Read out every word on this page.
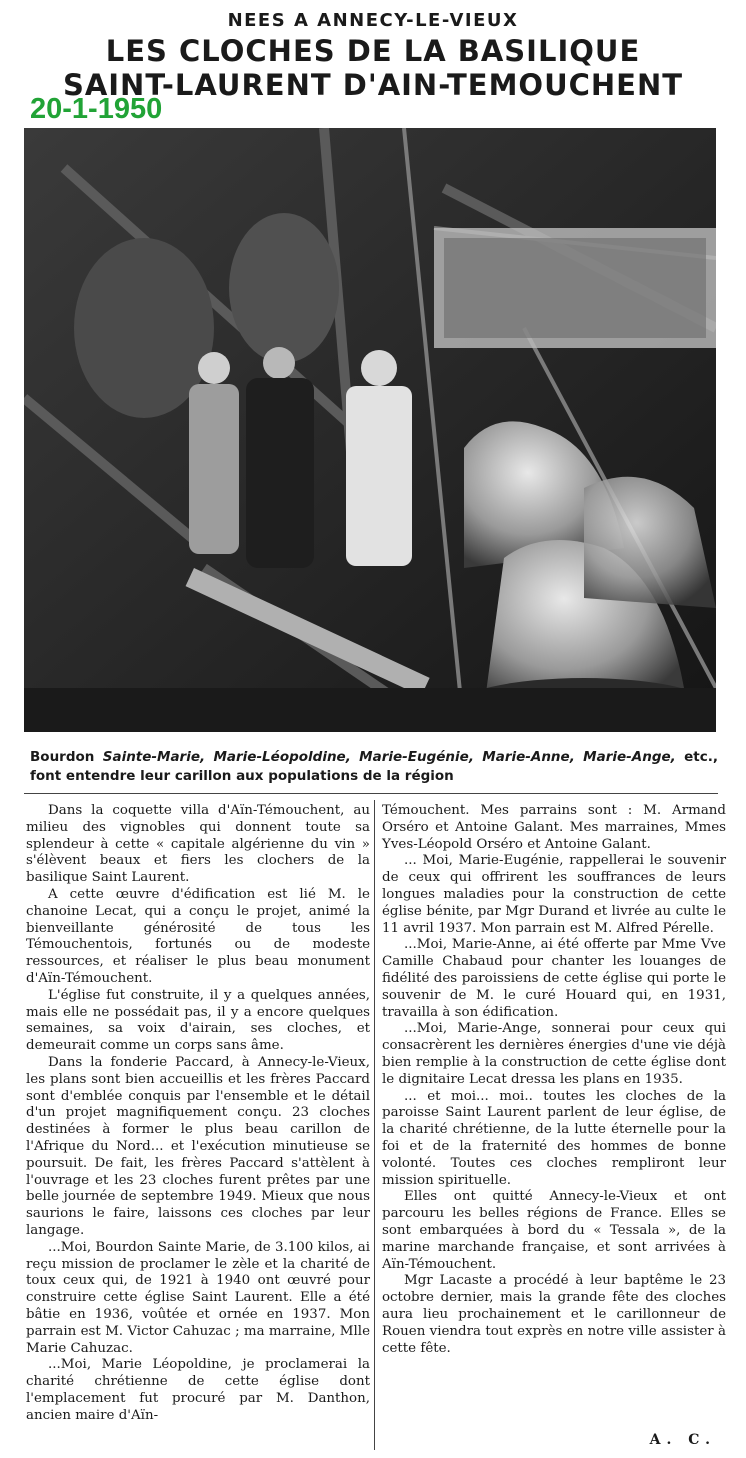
NEES A ANNECY-LE-VIEUX
LES CLOCHES DE LA BASILIQUE
SAINT-LAURENT D'AIN-TEMOUCHENT
20-1-1950
Bourdon Sainte-Marie, Marie-Léopoldine, Marie-Eugénie, Marie-Anne, Marie-Ange, etc., font entendre leur carillon aux populations de la région

Dans la coquette villa d'Aïn-Témouchent, au milieu des vignobles qui donnent toute sa splendeur à cette « capitale algérienne du vin » s'élèvent beaux et fiers les clochers de la basilique Saint Laurent.

A cette œuvre d'édification est lié M. le chanoine Lecat, qui a conçu le projet, animé la bienveillante générosité de tous les Témouchentois, fortunés ou de modeste ressources, et réaliser le plus beau monument d'Aïn-Témouchent.

L'église fut construite, il y a quelques années, mais elle ne possédait pas, il y a encore quelques semaines, sa voix d'airain, ses cloches, et demeurait comme un corps sans âme.

Dans la fonderie Paccard, à Annecy-le-Vieux, les plans sont bien accueillis et les frères Paccard sont d'emblée conquis par l'ensemble et le détail d'un projet magnifiquement conçu. 23 cloches destinées à former le plus beau carillon de l'Afrique du Nord... et l'exécution minutieuse se poursuit. De fait, les frères Paccard s'attèlent à l'ouvrage et les 23 cloches furent prêtes par une belle journée de septembre 1949. Mieux que nous saurions le faire, laissons ces cloches par leur langage.

...Moi, Bourdon Sainte Marie, de 3.100 kilos, ai reçu mission de proclamer le zèle et la charité de toux ceux qui, de 1921 à 1940 ont œuvré pour construire cette église Saint Laurent. Elle a été bâtie en 1936, voûtée et ornée en 1937. Mon parrain est M. Victor Cahuzac ; ma marraine, Mlle Marie Cahuzac.

...Moi, Marie Léopoldine, je proclamerai la charité chrétienne de cette église dont l'emplacement fut procuré par M. Danthon, ancien maire d'Aïn-

Témouchent. Mes parrains sont : M. Armand Orséro et Antoine Galant. Mes marraines, Mmes Yves-Léopold Orséro et Antoine Galant.

... Moi, Marie-Eugénie, rappellerai le souvenir de ceux qui offrirent les souffrances de leurs longues maladies pour la construction de cette église bénite, par Mgr Durand et livrée au culte le 11 avril 1937. Mon parrain est M. Alfred Pérelle.

...Moi, Marie-Anne, ai été offerte par Mme Vve Camille Chabaud pour chanter les louanges de fidélité des paroissiens de cette église qui porte le souvenir de M. le curé Houard qui, en 1931, travailla à son édification.

...Moi, Marie-Ange, sonnerai pour ceux qui consacrèrent les dernières énergies d'une vie déjà bien remplie à la construction de cette église dont le dignitaire Lecat dressa les plans en 1935.

... et moi... moi.. toutes les cloches de la paroisse Saint Laurent parlent de leur église, de la charité chrétienne, de la lutte éternelle pour la foi et de la fraternité des hommes de bonne volonté. Toutes ces cloches rempliront leur mission spirituelle.

Elles ont quitté Annecy-le-Vieux et ont parcouru les belles régions de France. Elles se sont embarquées à bord du « Tessala », de la marine marchande française, et sont arrivées à Aïn-Témouchent.

Mgr Lacaste a procédé à leur baptême le 23 octobre dernier, mais la grande fête des cloches aura lieu prochainement et le carillonneur de Rouen viendra tout exprès en notre ville assister à cette fête.

A. C.
